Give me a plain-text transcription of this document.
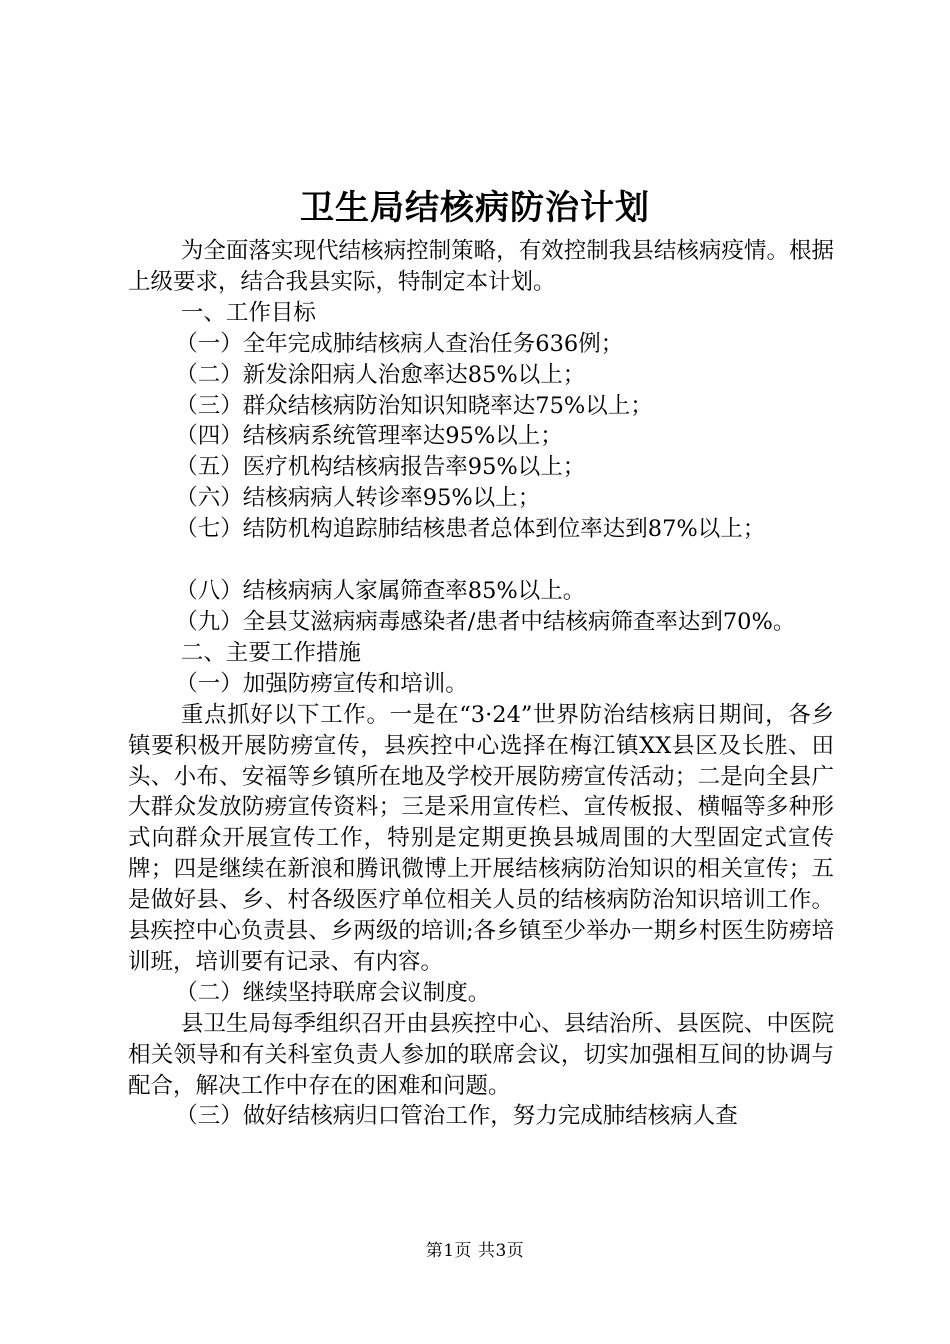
卫生局结核病防治计划

为全面落实现代结核病控制策略，有效控制我县结核病疫情。根据上级要求，结合我县实际，特制定本计划。

一、工作目标

（一）全年完成肺结核病人查治任务636例；

（二）新发涂阳病人治愈率达85%以上；

（三）群众结核病防治知识知晓率达75%以上；

（四）结核病系统管理率达95%以上；

（五）医疗机构结核病报告率95%以上；

（六）结核病病人转诊率95%以上；

（七）结防机构追踪肺结核患者总体到位率达到87%以上；

（八）结核病病人家属筛查率85%以上。

（九）全县艾滋病病毒感染者/患者中结核病筛查率达到70%。

二、主要工作措施

（一）加强防痨宣传和培训。

重点抓好以下工作。一是在“3·24”世界防治结核病日期间，各乡镇要积极开展防痨宣传，县疾控中心选择在梅江镇XX县区及长胜、田头、小布、安福等乡镇所在地及学校开展防痨宣传活动；二是向全县广大群众发放防痨宣传资料；三是采用宣传栏、宣传板报、横幅等多种形式向群众开展宣传工作，特别是定期更换县城周围的大型固定式宣传牌；四是继续在新浪和腾讯微博上开展结核病防治知识的相关宣传；五是做好县、乡、村各级医疗单位相关人员的结核病防治知识培训工作。县疾控中心负责县、乡两级的培训;各乡镇至少举办一期乡村医生防痨培训班，培训要有记录、有内容。

（二）继续坚持联席会议制度。

县卫生局每季组织召开由县疾控中心、县结治所、县医院、中医院相关领导和有关科室负责人参加的联席会议，切实加强相互间的协调与配合，解决工作中存在的困难和问题。

（三）做好结核病归口管治工作，努力完成肺结核病人查

第1页 共3页
